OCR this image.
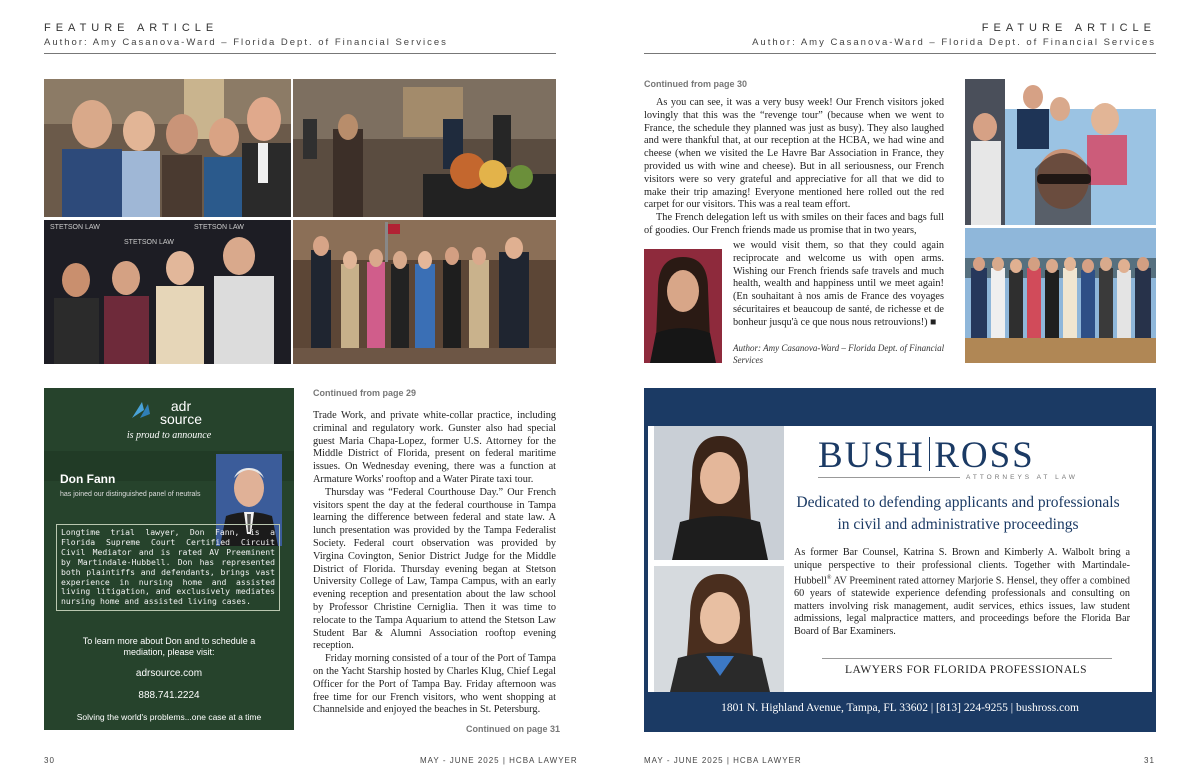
FEATURE ARTICLE
Author: Amy Casanova-Ward – Florida Dept. of Financial Services
FEATURE ARTICLE
Author: Amy Casanova-Ward – Florida Dept. of Financial Services
STETSON LAW
STETSON LAW
STETSON LAW
adr
source
is proud to announce
Don Fann
has joined our distinguished panel of neutrals
Longtime trial lawyer, Don Fann, is a Florida Supreme Court Certified Circuit Civil Mediator and is rated AV Preeminent by Martindale-Hubbell. Don has represented both plaintiffs and defendants, brings vast experience in nursing home and assisted living litigation, and exclusively mediates nursing home and assisted living cases.
To learn more about Don and to schedule a mediation, please visit:
adrsource.com
888.741.2224
Solving the world's problems...one case at a time
Continued from page 29

Trade Work, and private white-collar practice, including criminal and regulatory work. Gunster also had special guest Maria Chapa-Lopez, former U.S. Attorney for the Middle District of Florida, present on federal maritime issues. On Wednesday evening, there was a function at Armature Works' rooftop and a Water Pirate taxi tour.

Thursday was “Federal Courthouse Day.” Our French visitors spent the day at the federal courthouse in Tampa learning the difference between federal and state law. A lunch presentation was provided by the Tampa Federalist Society. Federal court observation was provided by Virgina Covington, Senior District Judge for the Middle District of Florida. Thursday evening began at Stetson University College of Law, Tampa Campus, with an early evening reception and presentation about the law school by Professor Christine Cerniglia. Then it was time to relocate to the Tampa Aquarium to attend the Stetson Law Student Bar & Alumni Association rooftop evening reception.

Friday morning consisted of a tour of the Port of Tampa on the Yacht Starship hosted by Charles Klug, Chief Legal Officer for the Port of Tampa Bay. Friday afternoon was free time for our French visitors, who went shopping at Channelside and enjoyed the beaches in St. Petersburg.

Continued on page 31
Continued from page 30

As you can see, it was a very busy week! Our French visitors joked lovingly that this was the “revenge tour” (because when we went to France, the schedule they planned was just as busy). They also laughed and were thankful that, at our reception at the HCBA, we had wine and cheese (when we visited the Le Havre Bar Association in France, they provided us with wine and cheese). But in all seriousness, our French visitors were so very grateful and appreciative for all that we did to make their trip amazing! Everyone mentioned here rolled out the red carpet for our visitors. This was a real team effort.

The French delegation left us with smiles on their faces and bags full of goodies. Our French friends made us promise that in two years,

we would visit them, so that they could again reciprocate and welcome us with open arms. Wishing our French friends safe travels and much health, wealth and happiness until we meet again! (En souhaitant à nos amis de France des voyages sécuritaires et beaucoup de santé, de richesse et de bonheur jusqu'à ce que nous nous retrouvions!) ■

Author: Amy Casanova-Ward – Florida Dept. of Financial Services
BUSH ROSS
ATTORNEYS AT LAW
Dedicated to defending applicants and professionals
in civil and administrative proceedings
As former Bar Counsel, Katrina S. Brown and Kimberly A. Walbolt bring a unique perspective to their professional clients. Together with Martindale-Hubbell® AV Preeminent rated attorney Marjorie S. Hensel, they offer a combined 60 years of statewide experience defending professionals and consulting on matters involving risk management, audit services, ethics issues, law student admissions, legal malpractice matters, and proceedings before the Florida Bar Board of Bar Examiners.
LAWYERS FOR FLORIDA PROFESSIONALS
1801 N. Highland Avenue, Tampa, FL 33602 | [813] 224-9255 | bushross.com
30	MAY - JUNE 2025 | HCBA LAWYER	MAY - JUNE 2025 | HCBA LAWYER	31
